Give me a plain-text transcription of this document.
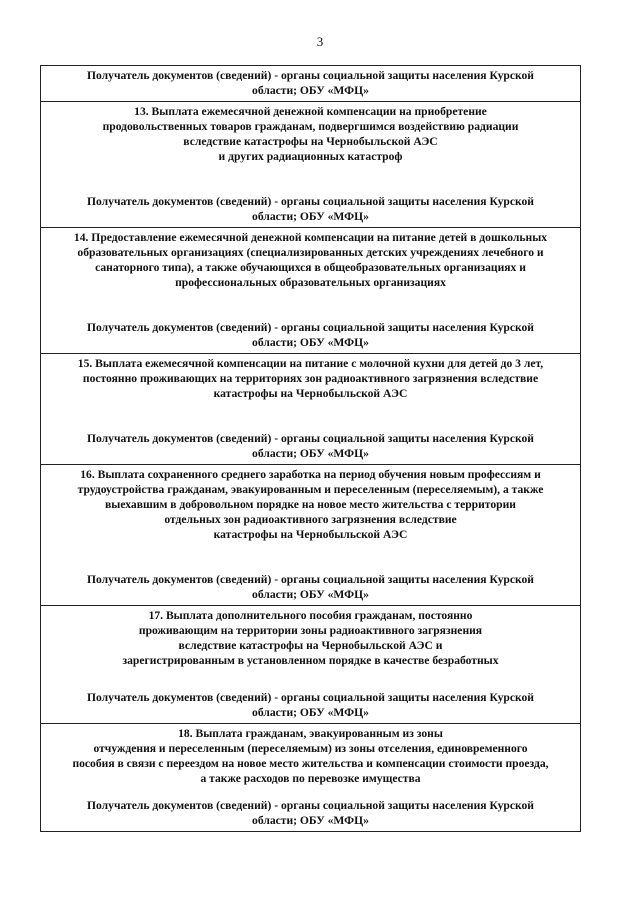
3
Получатель документов (сведений) - органы социальной защиты населения Курской
области; ОБУ «МФЦ»

13. Выплата ежемесячной денежной компенсации на приобретение
продовольственных товаров гражданам, подвергшимся воздействию радиации
вследствие катастрофы на Чернобыльской АЭС
и других радиационных катастроф
Получатель документов (сведений) - органы социальной защиты населения Курской
области; ОБУ «МФЦ»

14. Предоставление ежемесячной денежной компенсации на питание детей в дошкольных
образовательных организациях (специализированных детских учреждениях лечебного и
санаторного типа), а также обучающихся в общеобразовательных организациях и
профессиональных образовательных организациях
Получатель документов (сведений) - органы социальной защиты населения Курской
области; ОБУ «МФЦ»

15. Выплата ежемесячной компенсации на питание с молочной кухни для детей до 3 лет,
постоянно проживающих на территориях зон радиоактивного загрязнения вследствие
катастрофы на Чернобыльской АЭС
Получатель документов (сведений) - органы социальной защиты населения Курской
области; ОБУ «МФЦ»

16. Выплата сохраненного среднего заработка на период обучения новым профессиям и
трудоустройства гражданам, эвакуированным и переселенным (переселяемым), а также
выехавшим в добровольном порядке на новое место жительства с территории
отдельных зон радиоактивного загрязнения вследствие
катастрофы на Чернобыльской АЭС
Получатель документов (сведений) - органы социальной защиты населения Курской
области; ОБУ «МФЦ»

17. Выплата дополнительного пособия гражданам, постоянно
проживающим на территории зоны радиоактивного загрязнения
вследствие катастрофы на Чернобыльской АЭС и
зарегистрированным в установленном порядке в качестве безработных
Получатель документов (сведений) - органы социальной защиты населения Курской
области; ОБУ «МФЦ»

18. Выплата гражданам, эвакуированным из зоны
отчуждения и переселенным (переселяемым) из зоны отселения, единовременного
пособия в связи с переездом на новое место жительства и компенсации стоимости проезда,
а также расходов по перевозке имущества
Получатель документов (сведений) - органы социальной защиты населения Курской
области; ОБУ «МФЦ»
